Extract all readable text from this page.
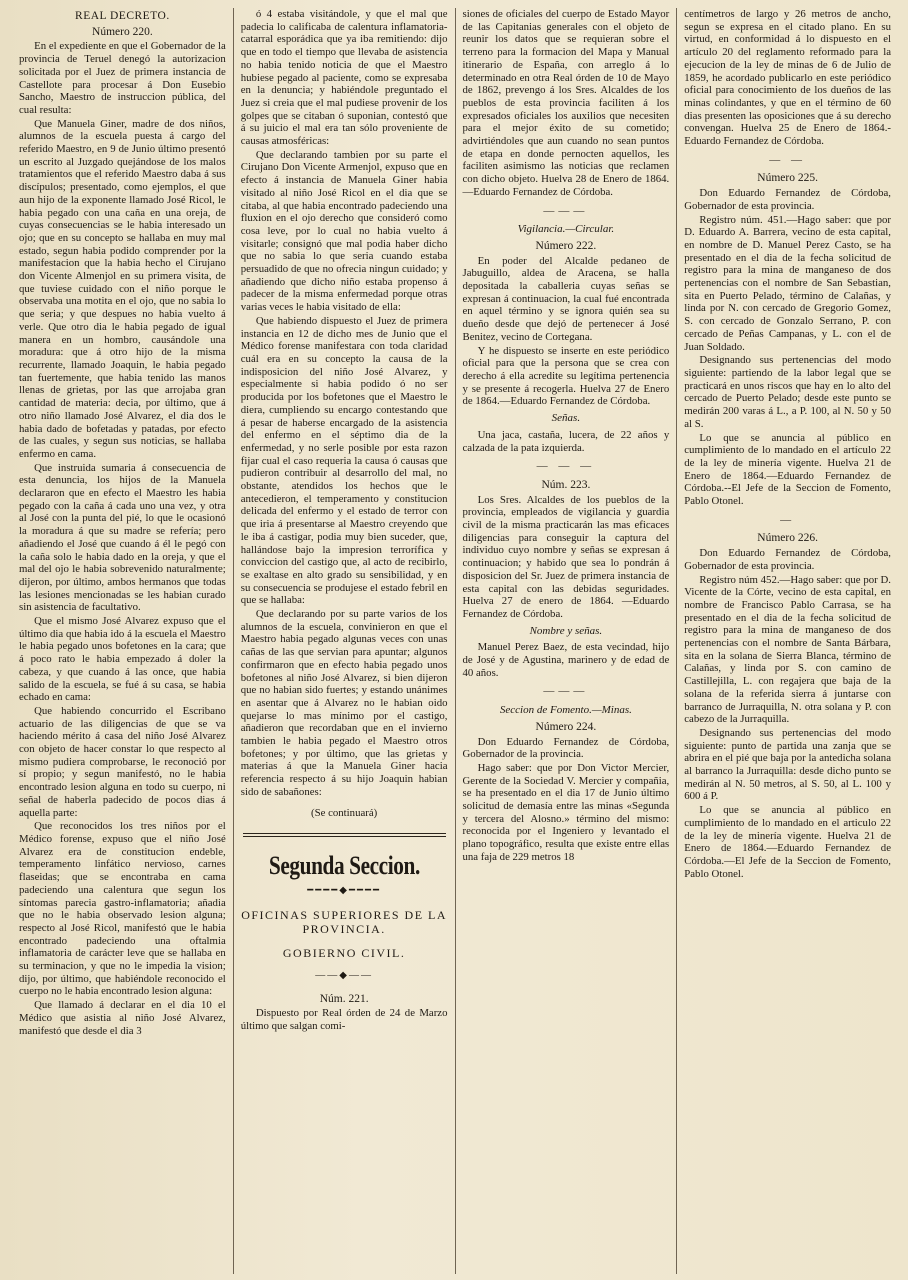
REAL DECRETO.
Número 220.

En el expediente en que el Gobernador de la provincia de Teruel denegó la autorizacion solicitada por el Juez de primera instancia de Castellote para procesar á Don Eusebio Sancho, Maestro de instruccion pública, del cual resulta:

Que Manuela Giner, madre de dos niños, alumnos de la escuela puesta á cargo del referido Maestro, en 9 de Junio último presentó un escrito al Juzgado quejándose de los malos tratamientos que el referido Maestro daba á sus discípulos; presentado, como ejemplos, el que aun hijo de la exponente llamado José Ricol, le habia pegado con una caña en una oreja, de cuyas consecuencias se le habia interesado un ojo; que en su concepto se hallaba en muy mal estado, segun habia podido comprender por la manifestacion que la habia hecho el Cirujano don Vicente Almenjol en su primera visita, de que tuviese cuidado con el niño porque le observaba una motita en el ojo, que no sabia lo que seria; y que despues no habia vuelto á verle. Que otro dia le habia pegado de igual manera en un hombro, causándole una moradura: que á otro hijo de la misma recurrente, llamado Joaquin, le habia pegado tan fuertemente, que habia tenido las manos llenas de grietas, por las que arrojaba gran cantidad de materia: decia, por último, que á otro niño llamado José Alvarez, el dia dos le habia dado de bofetadas y patadas, por efecto de las cuales, y segun sus noticias, se hallaba enfermo en cama.

Que instruida sumaria á consecuencia de esta denuncia, los hijos de la Manuela declararon que en efecto el Maestro les habia pegado con la caña á cada uno una vez, y otra al José con la punta del pié, lo que le ocasionó la moradura á que su madre se refería; pero añadiendo el José que cuando á él le pegó con la caña solo le habia dado en la oreja, y que el mal del ojo le habia sobrevenido naturalmente; dijeron, por último, ambos hermanos que todas las lesiones mencionadas se les habian curado sin asistencia de facultativo.

Que el mismo José Alvarez expuso que el último dia que habia ido á la escuela el Maestro le habia pegado unos bofetones en la cara; que á poco rato le habia empezado á doler la cabeza, y que cuando á las once, que habia salido de la escuela, se fué á su casa, se habia echado en cama:

Que habiendo concurrido el Escribano actuario de las diligencias de que se va haciendo mérito á casa del niño José Alvarez con objeto de hacer constar lo que respecto al mismo pudiera comprobarse, le reconoció por sí propio; y segun manifestó, no le habia encontrado lesion alguna en todo su cuerpo, ni señal de haberla padecido de pocos dias á aquella parte:

Que reconocidos los tres niños por el Médico forense, expuso que el niño José Alvarez era de constitucion endeble, temperamento linfático nervioso, carnes flaseidas; que se encontraba en cama padeciendo una calentura que segun los síntomas parecia gastro-inflamatoria; añadia que no le habia observado lesion alguna; respecto al José Ricol, manifestó que le habia encontrado padeciendo una oftalmia inflamatoria de carácter leve que se hallaba en su terminacion, y que no le impedia la vision; dijo, por último, que habiéndole reconocido el cuerpo no le habia encontrado lesion alguna:

Que llamado á declarar en el dia 10 el Médico que asistia al niño José Alvarez, manifestó que desde el dia 3

ó 4 estaba visitándole, y que el mal que padecia lo calificaba de calentura inflamatoria-catarral esporádica que ya iba remitiendo: dijo que en todo el tiempo que llevaba de asistencia no habia tenido noticia de que el Maestro hubiese pegado al paciente, como se expresaba en la denuncia; y habiéndole preguntado el Juez si creia que el mal pudiese provenir de los golpes que se citaban ó suponian, contestó que á su juicio el mal era tan sólo proveniente de causas atmosféricas:

Que declarando tambien por su parte el Cirujano Don Vicente Armenjol, expuso que en efecto á instancia de Manuela Giner habia visitado al niño José Ricol en el dia que se citaba, al que habia encontrado padeciendo una fluxion en el ojo derecho que consideró como cosa leve, por lo cual no habia vuelto á visitarle; consignó que mal podia haber dicho que no sabia lo que seria cuando estaba persuadido de que no ofrecia ningun cuidado; y añadiendo que dicho niño estaba propenso á padecer de la misma enfermedad porque otras varias veces le habia visitado de ella:

Que habiendo dispuesto el Juez de primera instancia en 12 de dicho mes de Junio que el Médico forense manifestara con toda claridad cuál era en su concepto la causa de la indisposicion del niño José Alvarez, y especialmente si habia podido ó no ser producida por los bofetones que el Maestro le diera, cumpliendo su encargo contestando que á pesar de haberse encargado de la asistencia del enfermo en el séptimo dia de la enfermedad, y no serle posible por esta razon fijar cual el caso requeria la causa ó causas que pudieron contribuir al desarrollo del mal, no obstante, atendidos los hechos que le antecedieron, el temperamento y constitucion delicada del enfermo y el estado de terror con que iria á presentarse al Maestro creyendo que le iba á castigar, podia muy bien suceder, que, hallándose bajo la impresion terrorífica y conviccion del castigo que, al acto de recibirlo, se exaltase en alto grado su sensibilidad, y en su consecuencia se produjese el estado febril en que se hallaba:

Que declarando por su parte varios de los alumnos de la escuela, convinieron en que el Maestro habia pegado algunas veces con unas cañas de las que servian para apuntar; algunos confirmaron que en efecto habia pegado unos bofetones al niño José Alvarez, si bien dijeron que no habian sido fuertes; y estando unánimes en asentar que á Alvarez no le habian oido quejarse lo mas mínimo por el castigo, añadieron que recordaban que en el invierno tambien le habia pegado el Maestro otros bofetones; y por último, que las grietas y materias á que la Manuela Giner hacia referencia respecto á su hijo Joaquin habian sido de sabañones:

(Se continuará)
Segunda Seccion.
━━━━◆━━━━
OFICINAS SUPERIORES DE LA PROVINCIA.
GOBIERNO CIVIL.
——◆——
Núm. 221.

Dispuesto por Real órden de 24 de Marzo último que salgan comi-

siones de oficiales del cuerpo de Estado Mayor de las Capitanias generales con el objeto de reunir los datos que se requieran sobre el terreno para la formacion del Mapa y Manual itinerario de España, con arreglo á lo determinado en otra Real órden de 10 de Mayo de 1862, prevengo á los Sres. Alcaldes de los pueblos de esta provincia faciliten á los expresados oficiales los auxilios que necesiten para el mejor éxito de su cometido; advirtiéndoles que aun cuando no sean puntos de etapa en donde pernocten aquellos, les faciliten asimismo las noticias que reclamen con dicho objeto. Huelva 28 de Enero de 1864.—Eduardo Fernandez de Córdoba.

———
Vigilancia.—Circular.
Número 222.

En poder del Alcalde pedaneo de Jabuguillo, aldea de Aracena, se halla depositada la caballeria cuyas señas se expresan á continuacion, la cual fué encontrada en aquel término y se ignora quién sea su dueño desde que dejó de pertenecer á José Benitez, vecino de Cortegana.

Y he dispuesto se inserte en este periódico oficial para que la persona que se crea con derecho á ella acredite su legítima pertenencia y se presente á recogerla. Huelva 27 de Enero de 1864.—Eduardo Fernandez de Córdoba.

Señas.

Una jaca, castaña, lucera, de 22 años y calzada de la pata izquierda.

— — —
Núm. 223.

Los Sres. Alcaldes de los pueblos de la provincia, empleados de vigilancia y guardia civil de la misma practicarán las mas eficaces diligencias para conseguir la captura del individuo cuyo nombre y señas se expresan á continuacion; y habido que sea lo pondrán á disposicion del Sr. Juez de primera instancia de esta capital con las debidas seguridades. Huelva 27 de enero de 1864. —Eduardo Fernandez de Córdoba.

Nombre y señas.

Manuel Perez Baez, de esta vecindad, hijo de José y de Agustina, marinero y de edad de 40 años.

———
Seccion de Fomento.—Minas.
Número 224.

Don Eduardo Fernandez de Córdoba, Gobernador de la provincia.

Hago saber: que por Don Victor Mercier, Gerente de la Sociedad V. Mercier y compañia, se ha presentado en el dia 17 de Junio último solicitud de demasía entre las minas «Segunda y tercera del Alosno.» término del mismo: reconocida por el Ingeniero y levantado el plano topográfico, resulta que existe entre ellas una faja de 229 metros 18

centímetros de largo y 26 metros de ancho, segun se expresa en el citado plano. En su virtud, en conformidad á lo dispuesto en el artículo 20 del reglamento reformado para la ejecucion de la ley de minas de 6 de Julio de 1859, he acordado publicarlo en este periódico oficial para conocimiento de los dueños de las minas colindantes, y que en el término de 60 dias presenten las oposiciones que á su derecho convengan. Huelva 25 de Enero de 1864.-Eduardo Fernandez de Córdoba.

— —
Número 225.

Don Eduardo Fernandez de Córdoba, Gobernador de esta provincia.

Registro núm. 451.—Hago saber: que por D. Eduardo A. Barrera, vecino de esta capital, en nombre de D. Manuel Perez Casto, se ha presentado en el dia de la fecha solicitud de registro para la mina de manganeso de dos pertenencias con el nombre de San Sebastian, sita en Puerto Pelado, término de Calañas, y linda por N. con cercado de Gregorio Gomez, S. con cercado de Gonzalo Serrano, P. con cercado de Peñas Campanas, y L. con el de Juan Soldado.

Designando sus pertenencias del modo siguiente: partiendo de la labor legal que se practicará en unos riscos que hay en lo alto del cercado de Puerto Pelado; desde este punto se medirán 200 varas á L., a P. 100, al N. 50 y 50 al S.

Lo que se anuncia al público en cumplimiento de lo mandado en el artículo 22 de la ley de minería vigente. Huelva 21 de Enero de 1864.—Eduardo Fernandez de Córdoba.--El Jefe de la Seccion de Fomento, Pablo Otonel.

—
Número 226.

Don Eduardo Fernandez de Córdoba, Gobernador de esta provincia.

Registro núm 452.—Hago saber: que por D. Vicente de la Córte, vecino de esta capital, en nombre de Francisco Pablo Carrasa, se ha presentado en el dia de la fecha solicitud de registro para la mina de manganeso de dos pertenencias con el nombre de Santa Bárbara, sita en la solana de Sierra Blanca, término de Calañas, y linda por S. con camino de Castillejilla, L. con regajera que baja de la solana de la referida sierra á juntarse con barranco de Jurraquilla, N. otra solana y P. con cabezo de la Jurraquilla.

Designando sus pertenencias del modo siguiente: punto de partida una zanja que se abrira en el pié que baja por la antedicha solana al barranco la Jurraquilla: desde dicho punto se medirán al N. 50 metros, al S. 50, al L. 100 y 600 á P.

Lo que se anuncia al público en cumplimiento de lo mandado en el articulo 22 de la ley de minería vigente. Huelva 21 de Enero de 1864.—Eduardo Fernandez de Córdoba.—El Jefe de la Seccion de Fomento, Pablo Otonel.
